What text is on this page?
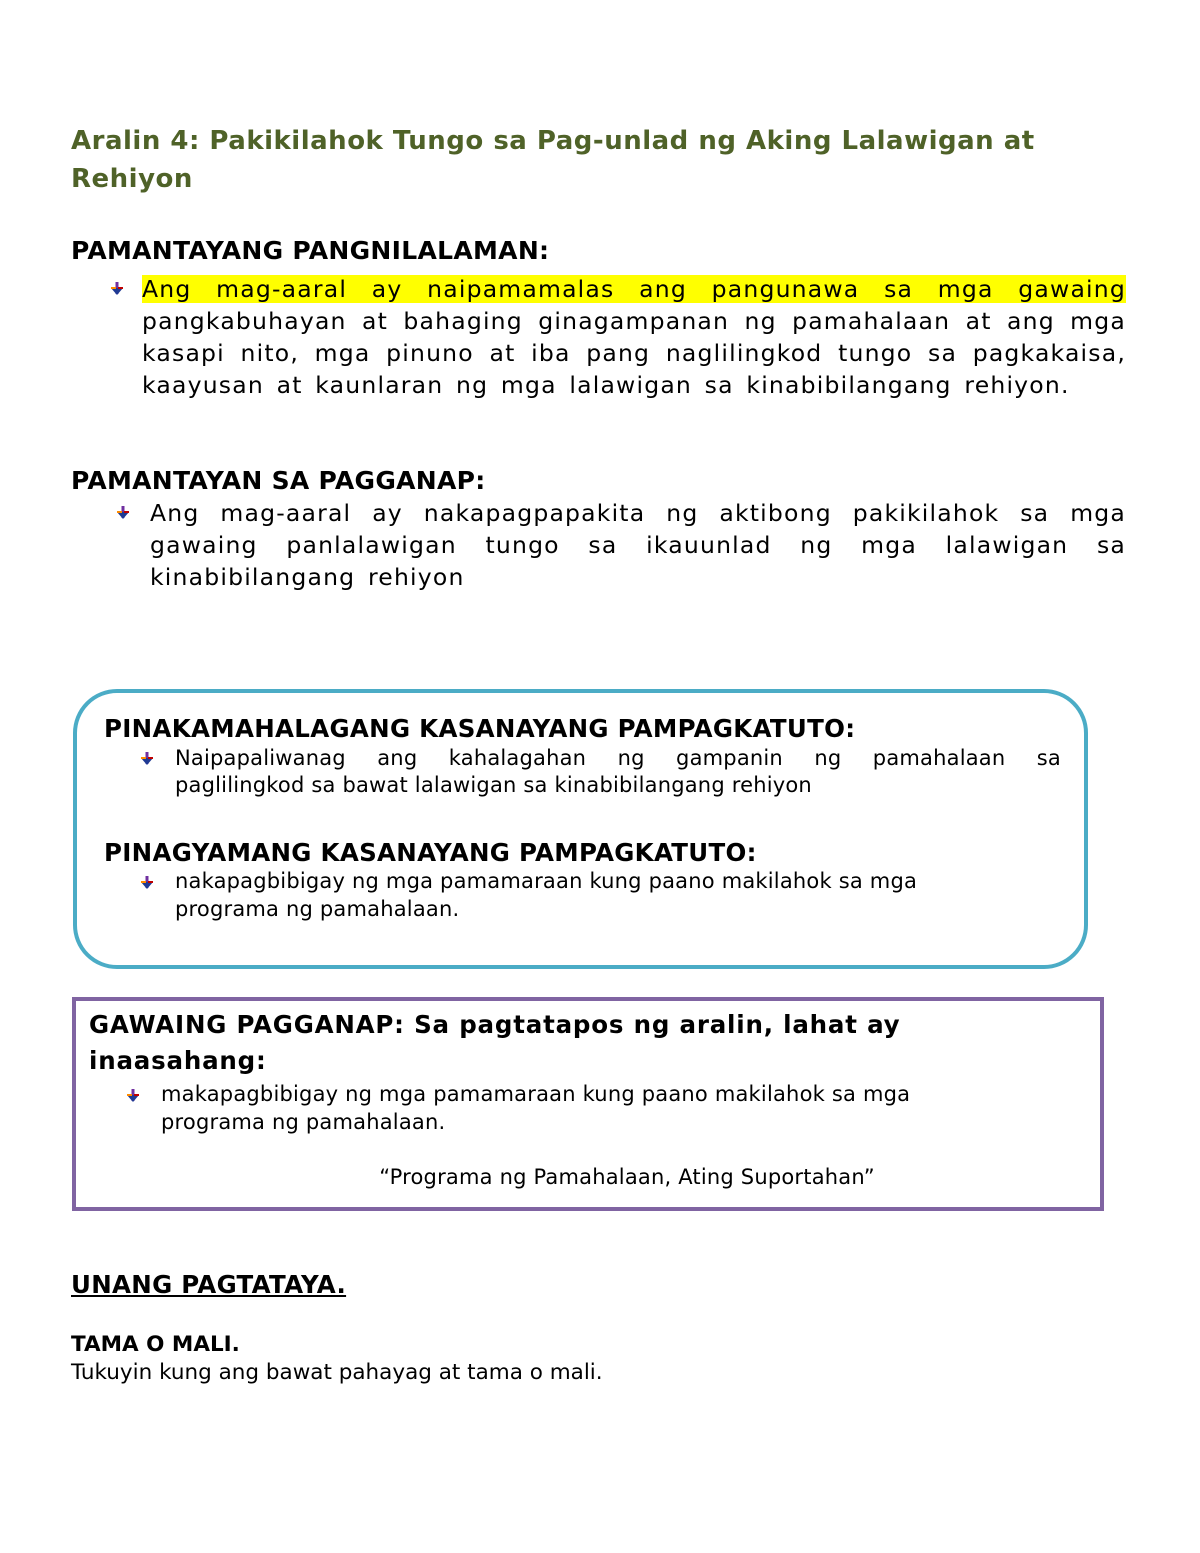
Aralin 4: Pakikilahok Tungo sa Pag-unlad ng Aking Lalawigan at Rehiyon
PAMANTAYANG PANGNILALAMAN:
Ang mag-aaral ay naipamamalas ang pangunawa sa mga gawaing pangkabuhayan at bahaging ginagampanan ng pamahalaan at ang mga kasapi nito, mga pinuno at iba pang naglilingkod tungo sa pagkakaisa, kaayusan at kaunlaran ng mga lalawigan sa kinabibilangang rehiyon.
PAMANTAYAN SA PAGGANAP:
Ang mag-aaral ay nakapagpapakita ng aktibong pakikilahok sa mga gawaing panlalawigan tungo sa ikauunlad ng mga lalawigan sa kinabibilangang rehiyon
PINAKAMAHALAGANG KASANAYANG PAMPAGKATUTO:
Naipapaliwanag ang kahalagahan ng gampanin ng pamahalaan sa
paglilingkod sa bawat lalawigan sa kinabibilangang rehiyon
PINAGYAMANG KASANAYANG PAMPAGKATUTO:
nakapagbibigay ng mga pamamaraan kung paano makilahok sa mga
programa ng pamahalaan.
GAWAING PAGGANAP: Sa pagtatapos ng aralin, lahat ay
inaasahang:
makapagbibigay ng mga pamamaraan kung paano makilahok sa mga
programa ng pamahalaan.
“Programa ng Pamahalaan, Ating Suportahan”
UNANG PAGTATAYA.
TAMA O MALI.
Tukuyin kung ang bawat pahayag at tama o mali.
